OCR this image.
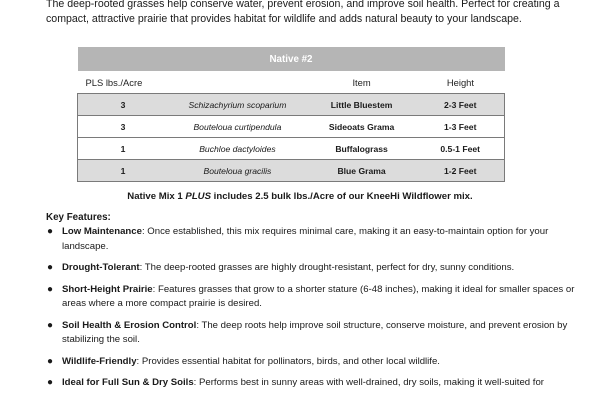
The deep-rooted grasses help conserve water, prevent erosion, and improve soil health. Perfect for creating a compact, attractive prairie that provides habitat for wildlife and adds natural beauty to your landscape.

Native #2			
PLS lbs./Acre		Item	Height
3	Schizachyrium scoparium	Little Bluestem	2-3 Feet
3	Bouteloua curtipendula	Sideoats Grama	1-3 Feet
1	Buchloe dactyloides	Buffalograss	0.5-1 Feet
1	Bouteloua gracilis	Blue Grama	1-2 Feet

Native Mix 1 PLUS includes 2.5 bulk lbs./Acre of our KneeHi Wildflower mix.

Key Features:

● Low Maintenance: Once established, this mix requires minimal care, making it an easy-to-maintain option for your landscape.
● Drought-Tolerant: The deep-rooted grasses are highly drought-resistant, perfect for dry, sunny conditions.
● Short-Height Prairie: Features grasses that grow to a shorter stature (6-48 inches), making it ideal for smaller spaces or areas where a more compact prairie is desired.
● Soil Health & Erosion Control: The deep roots help improve soil structure, conserve moisture, and prevent erosion by stabilizing the soil.
● Wildlife-Friendly: Provides essential habitat for pollinators, birds, and other local wildlife.
● Ideal for Full Sun & Dry Soils: Performs best in sunny areas with well-drained, dry soils, making it well-suited for
